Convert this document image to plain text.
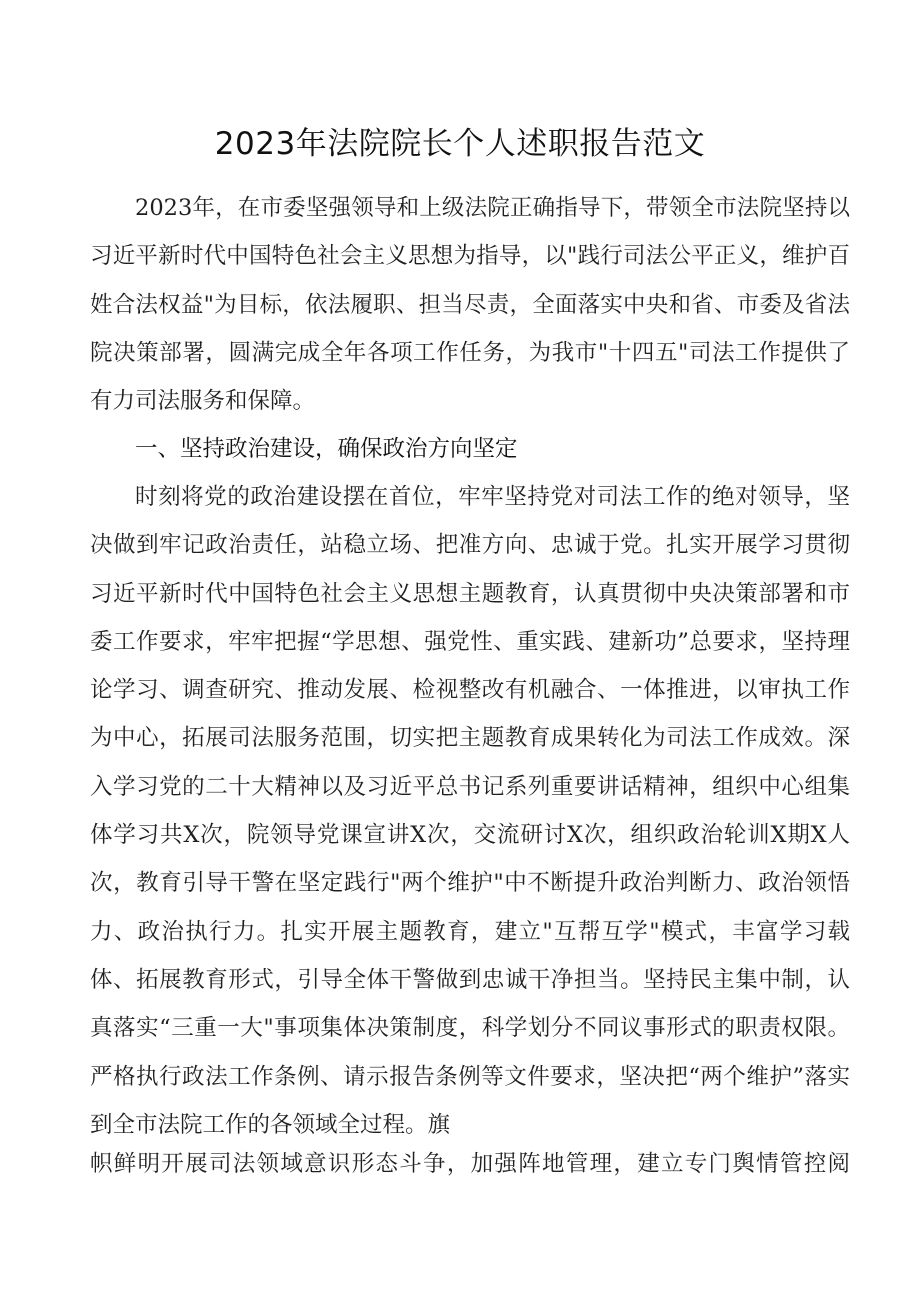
2023年法院院长个人述职报告范文

2023年，在市委坚强领导和上级法院正确指导下，带领全市法院坚持以习近平新时代中国特色社会主义思想为指导，以"践行司法公平正义，维护百姓合法权益"为目标，依法履职、担当尽责，全面落实中央和省、市委及省法院决策部署，圆满完成全年各项工作任务，为我市"十四五"司法工作提供了有力司法服务和保障。

一、坚持政治建设，确保政治方向坚定

时刻将党的政治建设摆在首位，牢牢坚持党对司法工作的绝对领导，坚决做到牢记政治责任，站稳立场、把准方向、忠诚于党。扎实开展学习贯彻习近平新时代中国特色社会主义思想主题教育，认真贯彻中央决策部署和市委工作要求，牢牢把握“学思想、强党性、重实践、建新功”总要求，坚持理论学习、调查研究、推动发展、检视整改有机融合、一体推进，以审执工作为中心，拓展司法服务范围，切实把主题教育成果转化为司法工作成效。深入学习党的二十大精神以及习近平总书记系列重要讲话精神，组织中心组集体学习共X次，院领导党课宣讲X次，交流研讨X次，组织政治轮训X期X人次，教育引导干警在坚定践行"两个维护"中不断提升政治判断力、政治领悟力、政治执行力。扎实开展主题教育，建立"互帮互学"模式，丰富学习载体、拓展教育形式，引导全体干警做到忠诚干净担当。坚持民主集中制，认真落实“三重一大"事项集体决策制度，科学划分不同议事形式的职责权限。严格执行政法工作条例、请示报告条例等文件要求，坚决把“两个维护”落实到全市法院工作的各领域全过程。旗

帜鲜明开展司法领域意识形态斗争，加强阵地管理，建立专门舆情管控阅
